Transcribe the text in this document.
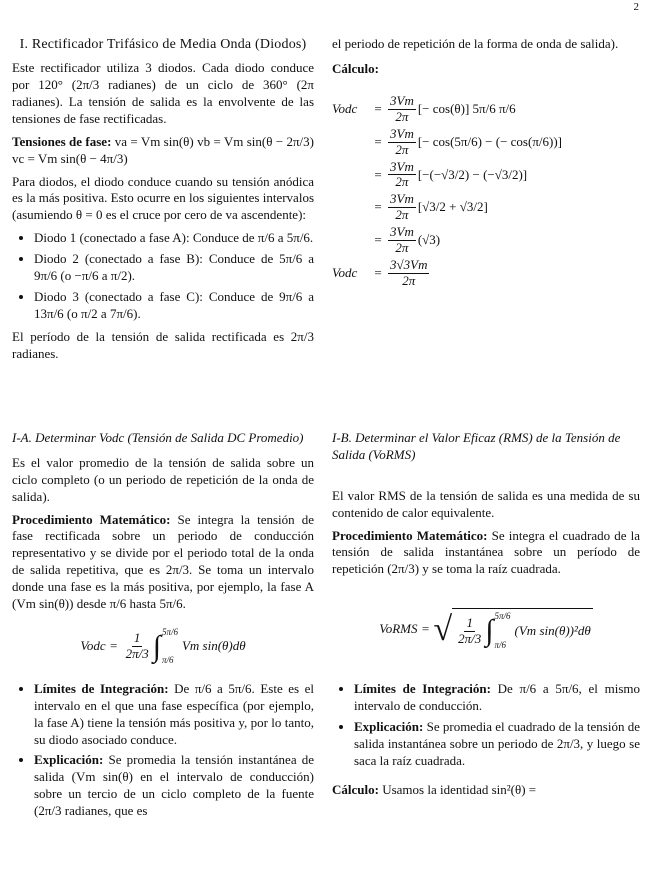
2
I. Rectificador Trifásico de Media Onda (Diodos)

Este rectificador utiliza 3 diodos. Cada diodo conduce por 120° (2π/3 radianes) de un ciclo de 360° (2π radianes). La tensión de salida es la envolvente de las tensiones de fase rectificadas.

Tensiones de fase: va = Vm sin(θ) vb = Vm sin(θ − 2π/3) vc = Vm sin(θ − 4π/3)

Para diodos, el diodo conduce cuando su tensión anódica es la más positiva. Esto ocurre en los siguientes intervalos (asumiendo θ = 0 es el cruce por cero de va ascendente):

• Diodo 1 (conectado a fase A): Conduce de π/6 a 5π/6.
• Diodo 2 (conectado a fase B): Conduce de 5π/6 a 9π/6 (o −π/6 a π/2).
• Diodo 3 (conectado a fase C): Conduce de 9π/6 a 13π/6 (o π/2 a 7π/6).

El período de la tensión de salida rectificada es 2π/3 radianes.

el periodo de repetición de la forma de onda de salida).

Cálculo:

Vodc	= $\frac{3Vm}{2\pi}$ [− cos(θ)] 5π/6 π/6
= $\frac{3Vm}{2\pi}$ [− cos(5π/6) − (− cos(π/6))]
= $\frac{3Vm}{2\pi} [-(-√3/2) - (-√3/2)]$
= $\frac{3Vm}{2\pi} [√3/2 + √3/2]$
= $\frac{3Vm}{2\pi} (√3)$
Vodc	= $\frac{3√3Vm}{2\pi}$
I-A. Determinar Vodc (Tensión de Salida DC Promedio)

Es el valor promedio de la tensión de salida sobre un ciclo completo (o un periodo de repetición de la onda de salida).

Procedimiento Matemático: Se integra la tensión de fase rectificada sobre un periodo de conducción representativo y se divide por el periodo total de la onda de salida repetitiva, que es 2π/3. Se toma un intervalo donde una fase es la más positiva, por ejemplo, la fase A (Vm sin(θ)) desde π/6 hasta 5π/6.

Vodc = $\frac{1}{2\pi/3}$ ∫ 5π/6
π/6
Vm sin(θ)dθ
• Límites de Integración: De π/6 a 5π/6. Este es el intervalo en el que una fase específica (por ejemplo, la fase A) tiene la tensión más positiva y, por lo tanto, su diodo asociado conduce.
• Explicación: Se promedia la tensión instantánea de salida (Vm sin(θ) en el intervalo de conducción) sobre un tercio de un ciclo completo de la fuente (2π/3 radianes, que es
I-B. Determinar el Valor Eficaz (RMS) de la Tensión de Salida (VoRMS)

El valor RMS de la tensión de salida es una medida de su contenido de calor equivalente.

Procedimiento Matemático: Se integra el cuadrado de la tensión de salida instantánea sobre un período de repetición (2π/3) y se toma la raíz cuadrada.

VoRMS = √ $\frac{1}{2\pi/3}$ ∫ 5π/6
π/6
(Vm sin(θ))²dθ
• Límites de Integración: De π/6 a 5π/6, el mismo intervalo de conducción.
• Explicación: Se promedia el cuadrado de la tensión de salida instantánea sobre un periodo de 2π/3, y luego se saca la raíz cuadrada.

Cálculo: Usamos la identidad sin²(θ) =
